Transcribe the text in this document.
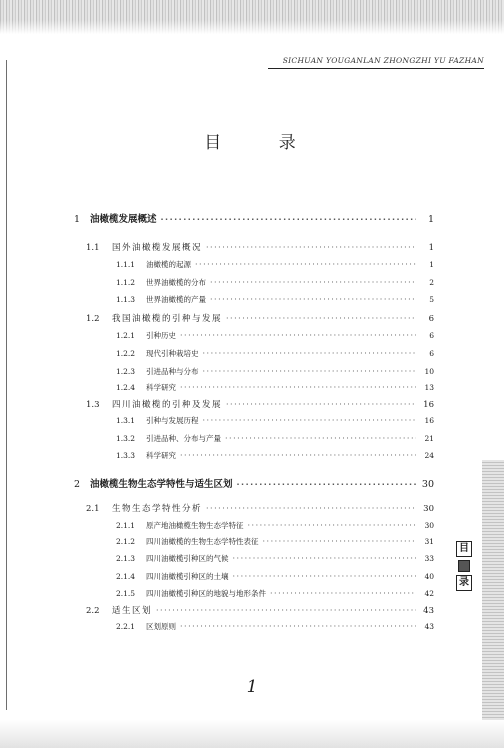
SICHUAN YOUGANLAN ZHONGZHI YU FAZHAN
目 录
1	油橄榄发展概述 ·····	1
1.1	国外油橄榄发展概况 ·····	1
1.1.1	油橄榄的起源 ·····	1
1.1.2	世界油橄榄的分布 ·····	2
1.1.3	世界油橄榄的产量 ·····	5
1.2	我国油橄榄的引种与发展 ·····	6
1.2.1	引种历史 ·····	6
1.2.2	现代引种栽培史 ·····	6
1.2.3	引进品种与分布 ·····	10
1.2.4	科学研究 ·····	13
1.3	四川油橄榄的引种及发展 ·····	16
1.3.1	引种与发展历程 ·····	16
1.3.2	引进品种、分布与产量 ·····	21
1.3.3	科学研究 ·····	24
2	油橄榄生物生态学特性与适生区划 ·····	30
2.1	生物生态学特性分析 ·····	30
2.1.1	原产地油橄榄生物生态学特征 ·····	30
2.1.2	四川油橄榄的生物生态学特性表征 ·····	31
2.1.3	四川油橄榄引种区的气候 ·····	33
2.1.4	四川油橄榄引种区的土壤 ·····	40
2.1.5	四川油橄榄引种区的地貌与地形条件 ·····	42
2.2	适生区划 ·····	43
2.2.1	区划原则 ·····	43
目
录
1
